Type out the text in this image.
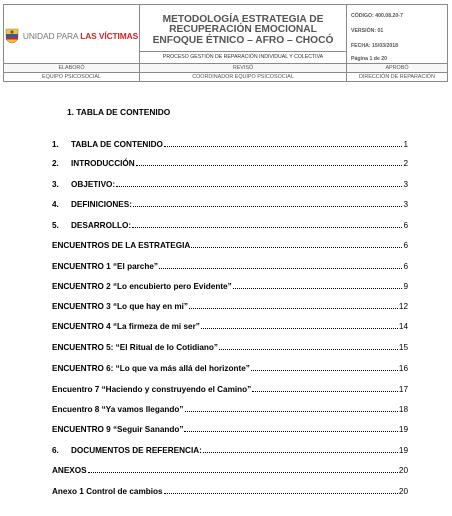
UNIDAD PARA LAS VÍCTIMAS

METODOLOGÍA ESTRATEGIA DE
RECUPERACIÓN EMOCIONAL
ENFOQUE ÉTNICO – AFRO – CHOCÓ
PROCESO GESTIÓN DE REPARACIÓN INDIVIDUAL Y COLECTIVA

CÓDIGO: 400.08.20-7
VERSIÓN: 01
FECHA: 15/03/2018
Página 1 de 20
ELABORÓ	REVISÓ	APROBÓ
EQUIPO PSICOSOCIAL	COORDINADOR EQUIPO PSICOSOCIAL	DIRECCIÓN DE REPARACIÓN
1. TABLA DE CONTENIDO
1.	TABLA DE CONTENIDO	1
2.	INTRODUCCIÓN	2
3.	OBJETIVO:	3
4.	DEFINICIONES:	3
5.	DESARROLLO:	6
ENCUENTROS DE LA ESTRATEGIA	6
ENCUENTRO 1 “El parche”	6
ENCUENTRO 2 “Lo encubierto pero Evidente”	9
ENCUENTRO 3 “Lo que hay en mi”	12
ENCUENTRO 4 “La firmeza de mi ser”	14
ENCUENTRO 5: “El Ritual de lo Cotidiano”	15
ENCUENTRO 6: “Lo que va más allá del horizonte”	16
Encuentro 7 “Haciendo y construyendo el Camino”	17
Encuentro 8 “Ya vamos llegando”	18
ENCUENTRO 9 “Seguir Sanando”	19
6.	DOCUMENTOS DE REFERENCIA:	19
ANEXOS	20
Anexo 1 Control de cambios	20
